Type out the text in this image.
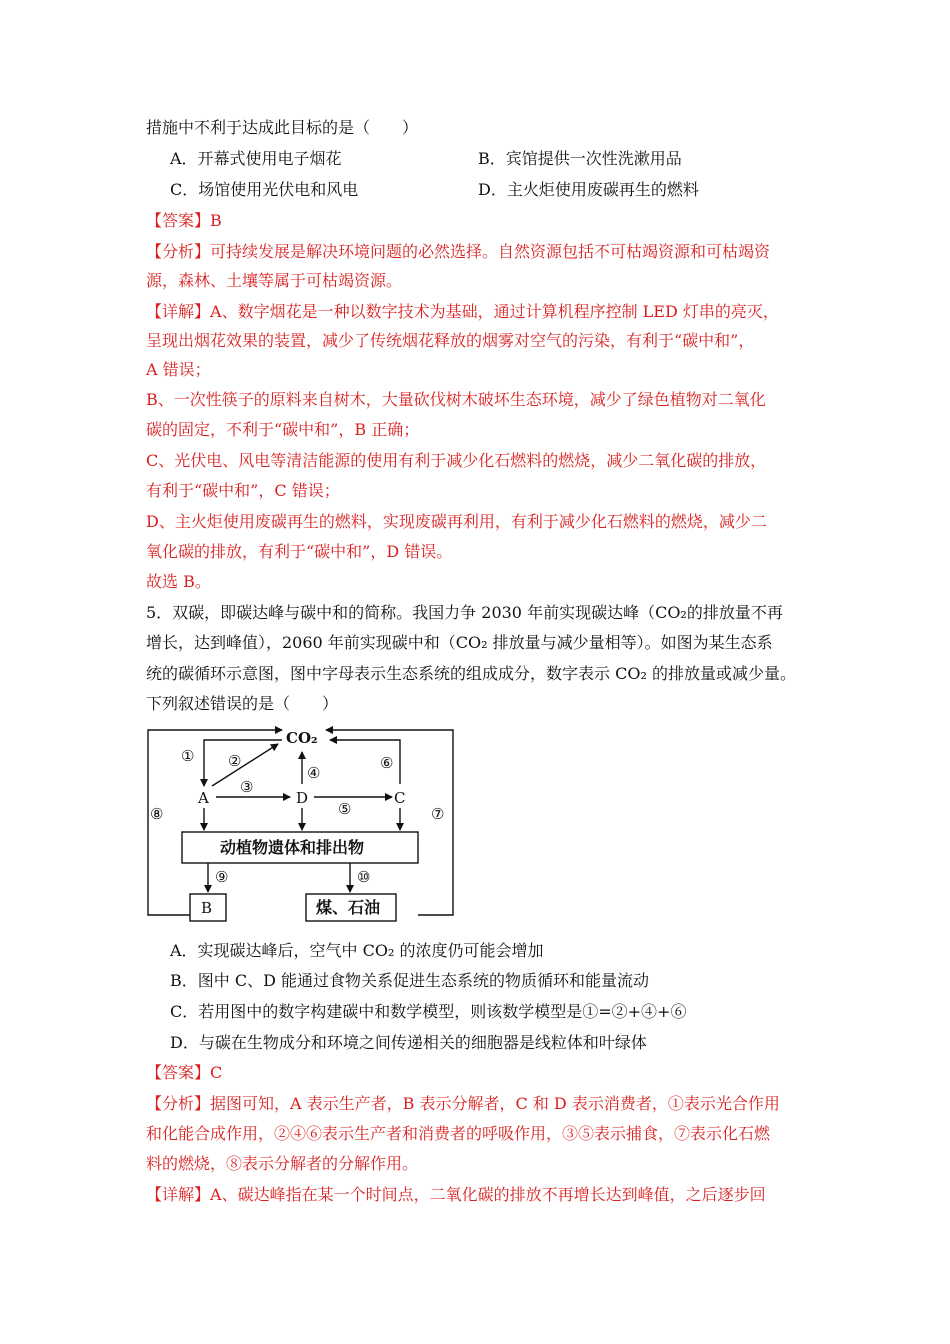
措施中不利于达成此目标的是（　　）
A．开幕式使用电子烟花	B．宾馆提供一次性洗漱用品
C．场馆使用光伏电和风电	D．主火炬使用废碳再生的燃料
【答案】B
【分析】可持续发展是解决环境问题的必然选择。自然资源包括不可枯竭资源和可枯竭资
源，森林、土壤等属于可枯竭资源。
【详解】A、数字烟花是一种以数字技术为基础，通过计算机程序控制 LED 灯串的亮灭，
呈现出烟花效果的装置，减少了传统烟花释放的烟雾对空气的污染，有利于“碳中和”，
A 错误；
B、一次性筷子的原料来自树木，大量砍伐树木破坏生态环境，减少了绿色植物对二氧化
碳的固定，不利于“碳中和”，B 正确；
C、光伏电、风电等清洁能源的使用有利于减少化石燃料的燃烧，减少二氧化碳的排放，
有利于“碳中和”，C 错误；
D、主火炬使用废碳再生的燃料，实现废碳再利用，有利于减少化石燃料的燃烧，减少二
氧化碳的排放，有利于“碳中和”，D 错误。
故选 B。
5．双碳，即碳达峰与碳中和的简称。我国力争 2030 年前实现碳达峰（CO₂的排放量不再
增长，达到峰值），2060 年前实现碳中和（CO₂ 排放量与减少量相等）。如图为某生态系
统的碳循环示意图，图中字母表示生态系统的组成成分，数字表示 CO₂ 的排放量或减少量。
下列叙述错误的是（　　）
CO₂
A	D	C
B
动植物遗体和排出物
煤、石油
① ②
③
④
⑤
⑥
⑦
⑧
⑨	⑩
A．实现碳达峰后，空气中 CO₂ 的浓度仍可能会增加
B．图中 C、D 能通过食物关系促进生态系统的物质循环和能量流动
C．若用图中的数字构建碳中和数学模型，则该数学模型是①=②+④+⑥
D．与碳在生物成分和环境之间传递相关的细胞器是线粒体和叶绿体
【答案】C
【分析】据图可知，A 表示生产者，B 表示分解者，C 和 D 表示消费者，①表示光合作用
和化能合成作用，②④⑥表示生产者和消费者的呼吸作用，③⑤表示捕食，⑦表示化石燃
料的燃烧，⑧表示分解者的分解作用。
【详解】A、碳达峰指在某一个时间点，二氧化碳的排放不再增长达到峰值，之后逐步回
